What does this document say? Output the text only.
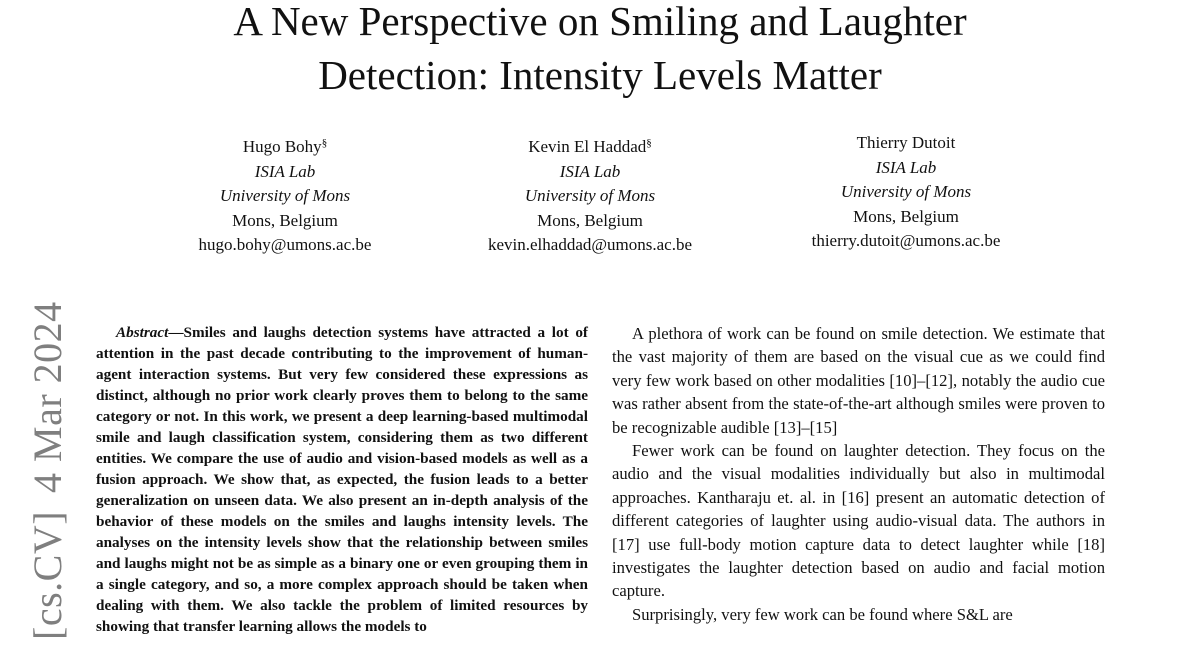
A New Perspective on Smiling and Laughter
Detection: Intensity Levels Matter
Hugo Bohy§
ISIA Lab
University of Mons
Mons, Belgium
hugo.bohy@umons.ac.be
Kevin El Haddad§
ISIA Lab
University of Mons
Mons, Belgium
kevin.elhaddad@umons.ac.be
Thierry Dutoit
ISIA Lab
University of Mons
Mons, Belgium
thierry.dutoit@umons.ac.be
[cs.CV]4 Mar 2024	Abstract—Smiles and laughs detection systems have attracted a lot of attention in the past decade contributing to the improvement of human-agent interaction systems. But very few considered these expressions as distinct, although no prior work clearly proves them to belong to the same category or not. In this work, we present a deep learning-based multimodal smile and laugh classification system, considering them as two different entities. We compare the use of audio and vision-based models as well as a fusion approach. We show that, as expected, the fusion leads to a better generalization on unseen data. We also present an in-depth analysis of the behavior of these models on the smiles and laughs intensity levels. The analyses on the intensity levels show that the relationship between smiles and laughs might not be as simple as a binary one or even grouping them in a single category, and so, a more complex approach should be taken when dealing with them. We also tackle the problem of limited resources by showing that transfer learning allows the models to

A plethora of work can be found on smile detection. We estimate that the vast majority of them are based on the visual cue as we could find very few work based on other modalities [10]–[12], notably the audio cue was rather absent from the state-of-the-art although smiles were proven to be recognizable audible [13]–[15]

Fewer work can be found on laughter detection. They focus on the audio and the visual modalities individually but also in multimodal approaches. Kantharaju et. al. in [16] present an automatic detection of different categories of laughter using audio-visual data. The authors in [17] use full-body motion capture data to detect laughter while [18] investigates the laughter detection based on audio and facial motion capture.

Surprisingly, very few work can be found where S&L are
